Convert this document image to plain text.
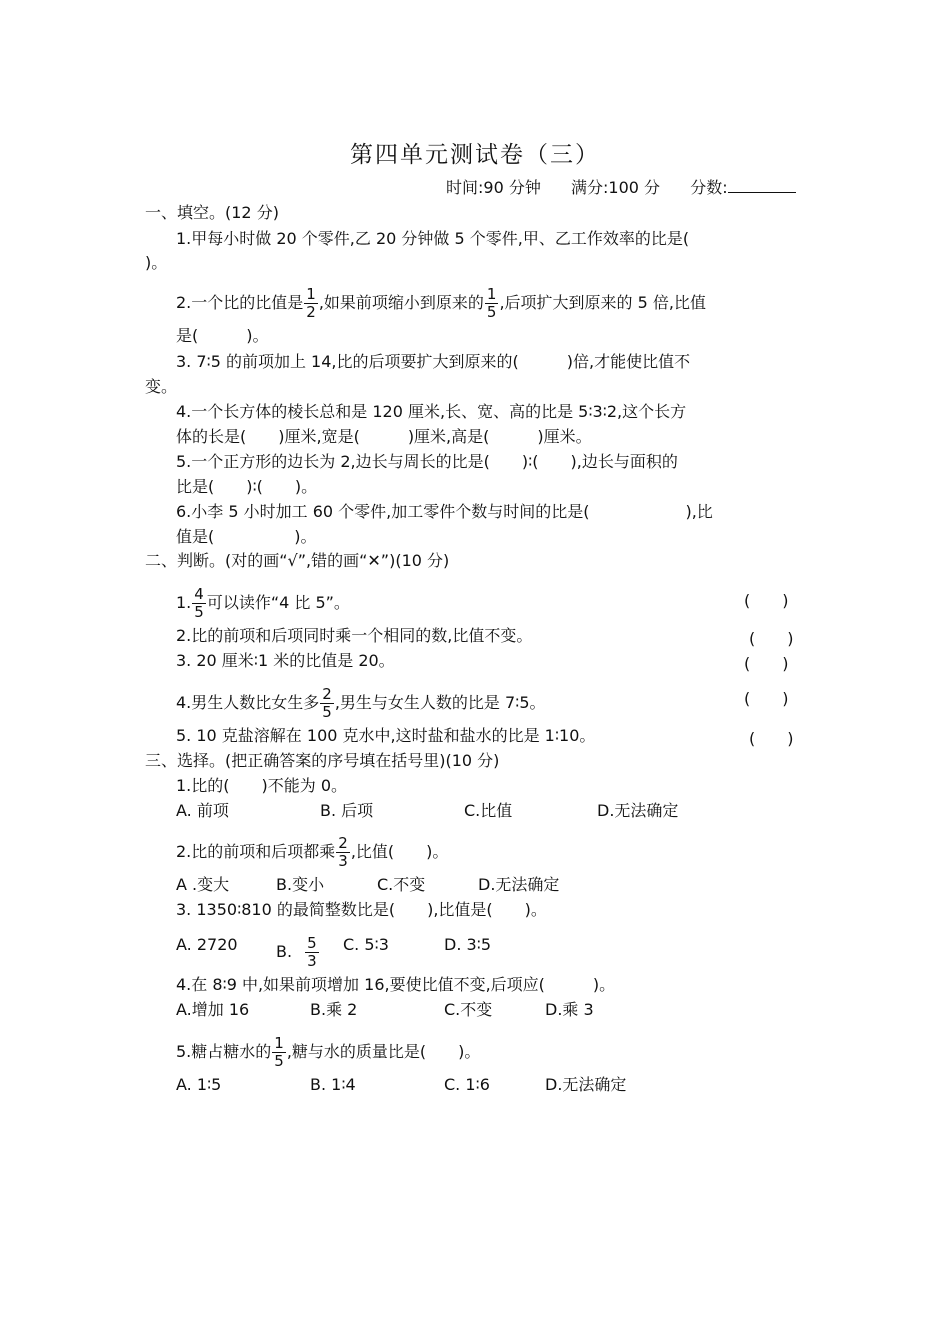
第四单元测试卷（三）
时间:90 分钟 满分:100 分 分数:
一、填空。(12 分)
1.甲每小时做 20 个零件,乙 20 分钟做 5 个零件,甲、乙工作效率的比是(
)。
2.一个比的比值是 $\frac{1}{2}$ ,如果前项缩小到原来的 $\frac{1}{5}$ ,后项扩大到原来的 5 倍,比值
是(　　　)。
3. 7∶5 的前项加上 14,比的后项要扩大到原来的(　　　)倍,才能使比值不
变。
4.一个长方体的棱长总和是 120 厘米,长、宽、高的比是 5∶3∶2,这个长方
体的长是(　　)厘米,宽是(　　　)厘米,高是(　　　)厘米。
5.一个正方形的边长为 2,边长与周长的比是(　　)∶(　　),边长与面积的
比是(　　)∶(　　)。
6.小李 5 小时加工 60 个零件,加工零件个数与时间的比是(　　　　　　),比
值是(　　　　　)。
二、判断。(对的画“√”,错的画“✕”)(10 分)
1. $\frac{4}{5}$ 可以读作“4 比 5”。	(　　)
2.比的前项和后项同时乘一个相同的数,比值不变。	(　　)
3. 20 厘米∶1 米的比值是 20。	(　　)
4.男生人数比女生多 $\frac{2}{5}$ ,男生与女生人数的比是 7∶5。	(　　)
5. 10 克盐溶解在 100 克水中,这时盐和盐水的比是 1∶10。	(　　)
三、选择。(把正确答案的序号填在括号里)(10 分)
1.比的(　　)不能为 0。
A. 前项	B. 后项	C.比值	D.无法确定
2.比的前项和后项都乘 $\frac{2}{3}$ ,比值(　　)。
A .变大	B.变小	C.不变	D.无法确定
3. 1350∶810 的最简整数比是(　　),比值是(　　)。
A. 2720 B. $\frac{5}{3} C$. 5∶3	D. 3∶5
4.在 8∶9 中,如果前项增加 16,要使比值不变,后项应(　　　)。
A.增加 16	B.乘 2	C.不变	D.乘 3
5.糖占糖水的 $\frac{1}{5}$ ,糖与水的质量比是(　　)。
A. 1∶5	B. 1∶4	C. 1∶6	D.无法确定
